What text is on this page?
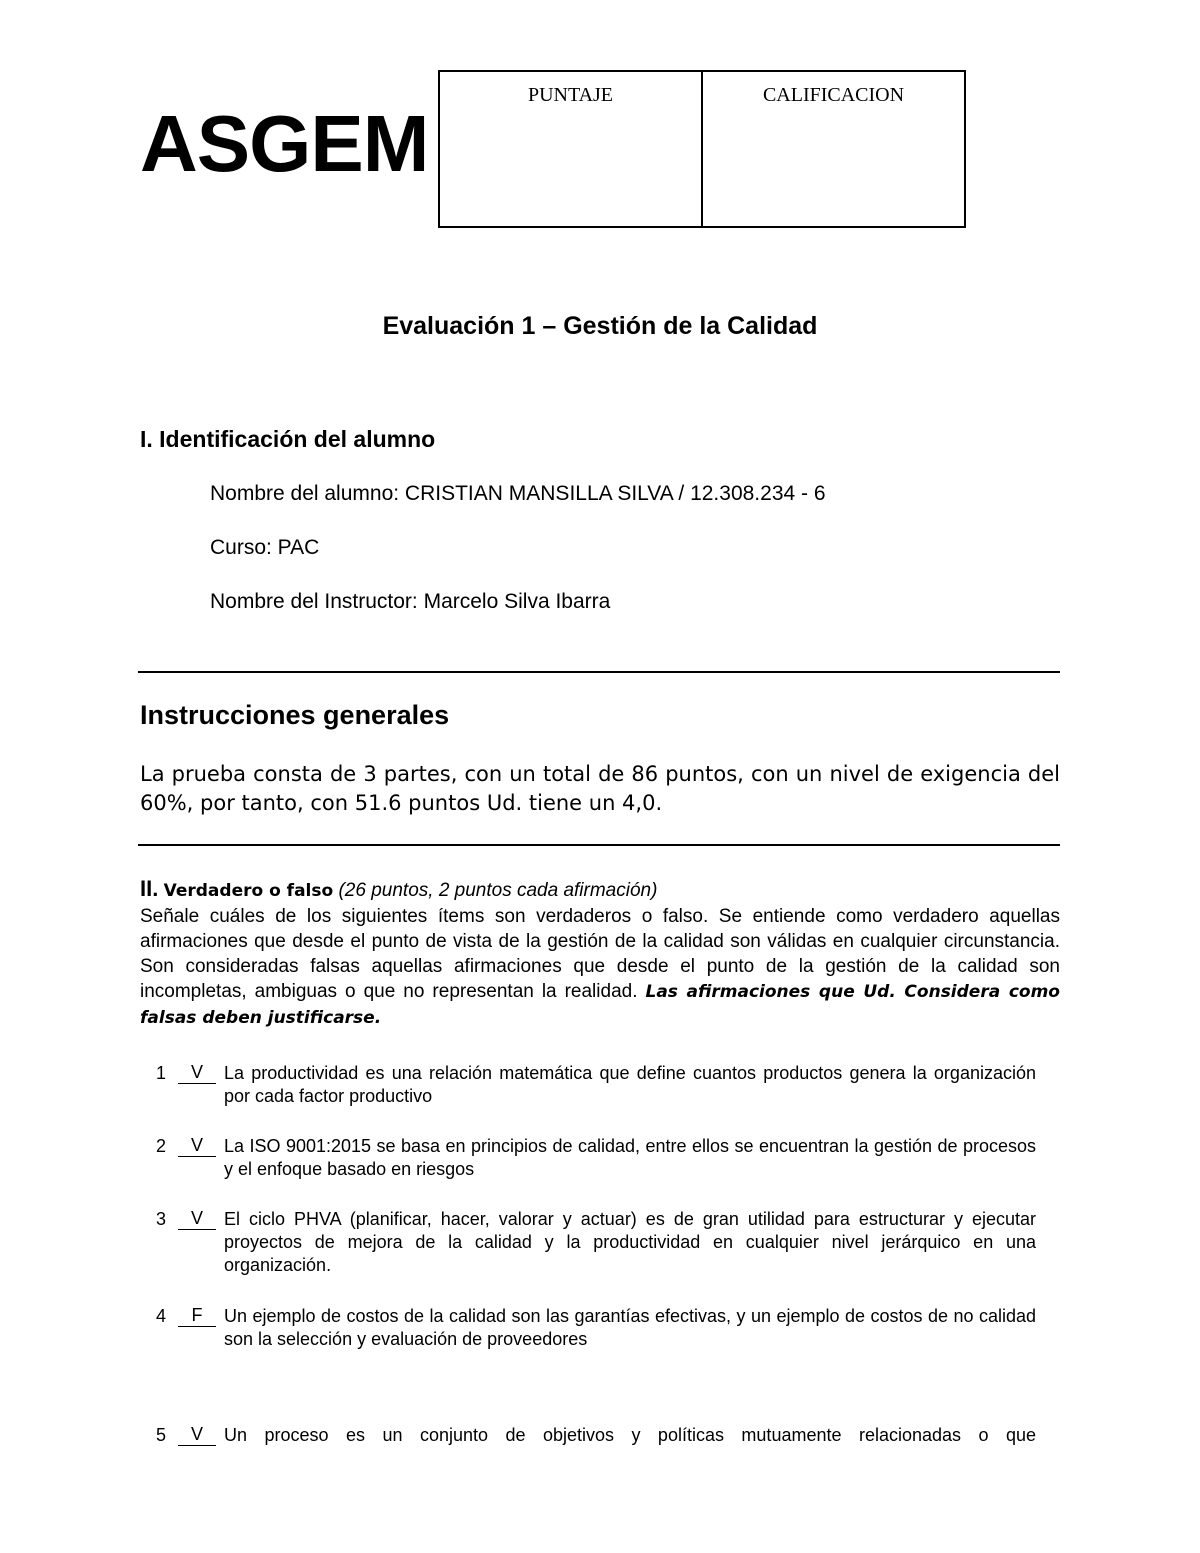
ASGEM
PUNTAJE	CALIFICACION
Evaluación 1 – Gestión de la Calidad
I. Identificación del alumno
Nombre del alumno: CRISTIAN MANSILLA SILVA / 12.308.234 - 6
Curso: PAC
Nombre del Instructor: Marcelo Silva Ibarra
Instrucciones generales
La prueba consta de 3 partes, con un total de 86 puntos, con un nivel de exigencia del 60%, por tanto, con 51.6 puntos Ud. tiene un 4,0.
II. Verdadero o falso (26 puntos, 2 puntos cada afirmación)
Señale cuáles de los siguientes ítems son verdaderos o falso. Se entiende como verdadero aquellas afirmaciones que desde el punto de vista de la gestión de la calidad son válidas en cualquier circunstancia. Son consideradas falsas aquellas afirmaciones que desde el punto de la gestión de la calidad son incompletas, ambiguas o que no representan la realidad. Las afirmaciones que Ud. Considera como falsas deben justificarse.
1	V	La productividad es una relación matemática que define cuantos productos genera la organización por cada factor productivo
2	V	La ISO 9001:2015 se basa en principios de calidad, entre ellos se encuentran la gestión de procesos y el enfoque basado en riesgos
3	V	El ciclo PHVA (planificar, hacer, valorar y actuar) es de gran utilidad para estructurar y ejecutar proyectos de mejora de la calidad y la productividad en cualquier nivel jerárquico en una organización.
4	F	Un ejemplo de costos de la calidad son las garantías efectivas, y un ejemplo de costos de no calidad son la selección y evaluación de proveedores
5	V	Un proceso es un conjunto de objetivos y políticas mutuamente relacionadas o que
